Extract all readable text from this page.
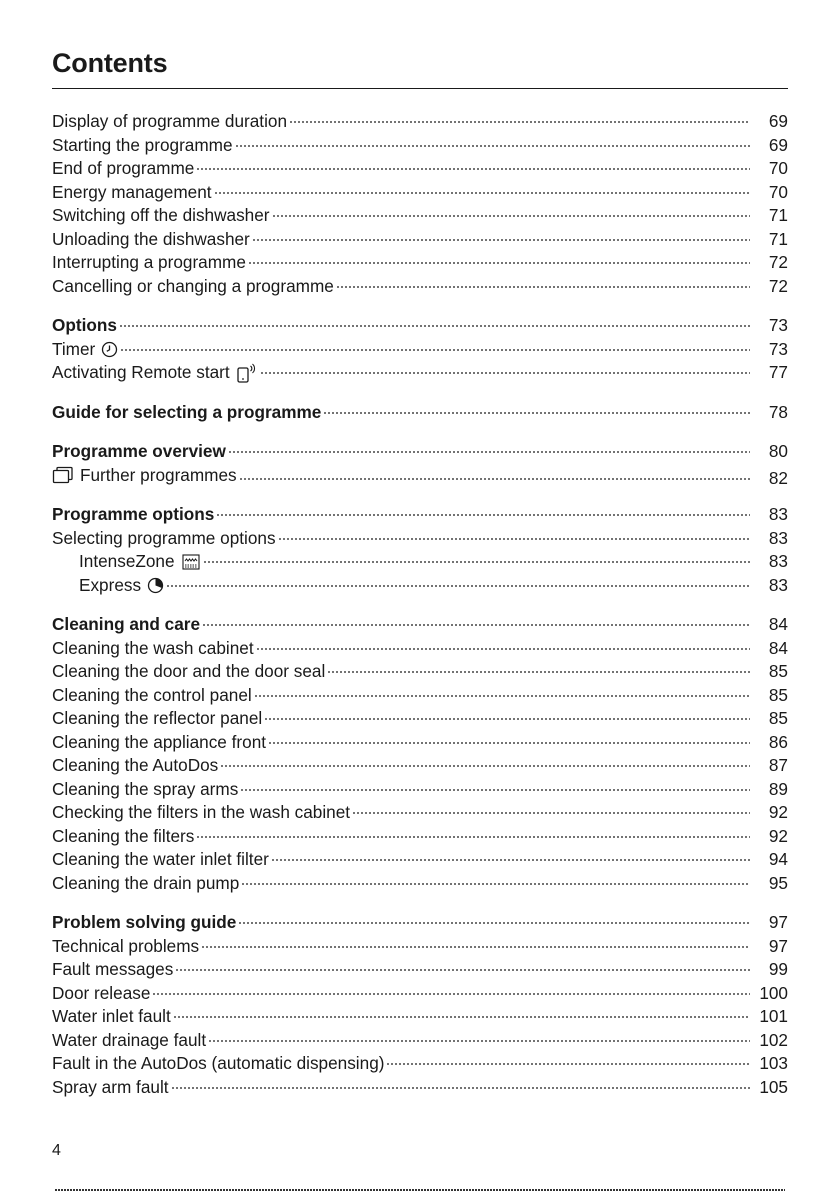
Contents
Display of programme duration	69
Starting the programme	69
End of programme	70
Energy management	70
Switching off the dishwasher	71
Unloading the dishwasher	71
Interrupting a programme	72
Cancelling or changing a programme	72
Options	73
Timer	73
Activating Remote start	77
Guide for selecting a programme	78
Programme overview	80
Further programmes	82
Programme options	83
Selecting programme options	83
IntenseZone	83
Express	83
Cleaning and care	84
Cleaning the wash cabinet	84
Cleaning the door and the door seal	85
Cleaning the control panel	85
Cleaning the reflector panel	85
Cleaning the appliance front	86
Cleaning the AutoDos	87
Cleaning the spray arms	89
Checking the filters in the wash cabinet	92
Cleaning the filters	92
Cleaning the water inlet filter	94
Cleaning the drain pump	95
Problem solving guide	97
Technical problems	97
Fault messages	99
Door release	100
Water inlet fault	101
Water drainage fault	102
Fault in the AutoDos (automatic dispensing)	103
Spray arm fault	105
4
